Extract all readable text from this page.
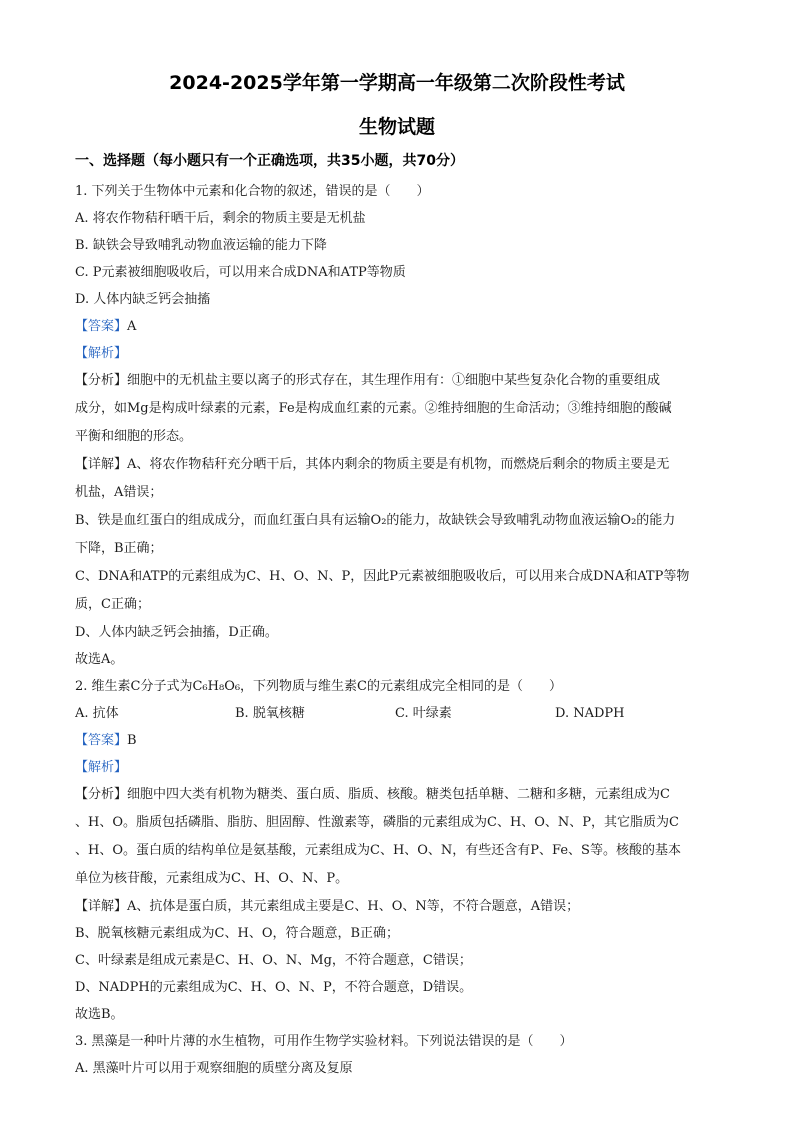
2024-2025学年第一学期高一年级第二次阶段性考试
生物试题
一、选择题（每小题只有一个正确选项，共35小题，共70分）
1. 下列关于生物体中元素和化合物的叙述，错误的是（　　）
A. 将农作物秸秆晒干后，剩余的物质主要是无机盐
B. 缺铁会导致哺乳动物血液运输的能力下降
C. P元素被细胞吸收后，可以用来合成DNA和ATP等物质
D. 人体内缺乏钙会抽搐
【答案】A
【解析】
【分析】细胞中的无机盐主要以离子的形式存在，其生理作用有：①细胞中某些复杂化合物的重要组成
成分，如Mg是构成叶绿素的元素，Fe是构成血红素的元素。②维持细胞的生命活动；③维持细胞的酸碱
平衡和细胞的形态。
【详解】A、将农作物秸秆充分晒干后，其体内剩余的物质主要是有机物，而燃烧后剩余的物质主要是无
机盐，A错误；
B、铁是血红蛋白的组成成分，而血红蛋白具有运输O₂的能力，故缺铁会导致哺乳动物血液运输O₂的能力
下降，B正确；
C、DNA和ATP的元素组成为C、H、O、N、P，因此P元素被细胞吸收后，可以用来合成DNA和ATP等物
质，C正确；
D、人体内缺乏钙会抽搐，D正确。
故选A。
2. 维生素C分子式为C₆H₈O₆，下列物质与维生素C的元素组成完全相同的是（　　）
A. 抗体	B. 脱氧核糖	C. 叶绿素	D. NADPH
【答案】B
【解析】
【分析】细胞中四大类有机物为糖类、蛋白质、脂质、核酸。糖类包括单糖、二糖和多糖，元素组成为C
、H、O。脂质包括磷脂、脂肪、胆固醇、性激素等，磷脂的元素组成为C、H、O、N、P，其它脂质为C
、H、O。蛋白质的结构单位是氨基酸，元素组成为C、H、O、N，有些还含有P、Fe、S等。核酸的基本
单位为核苷酸，元素组成为C、H、O、N、P。
【详解】A、抗体是蛋白质，其元素组成主要是C、H、O、N等，不符合题意，A错误；
B、脱氧核糖元素组成为C、H、O，符合题意，B正确；
C、叶绿素是组成元素是C、H、O、N、Mg，不符合题意，C错误；
D、NADPH的元素组成为C、H、O、N、P，不符合题意，D错误。
故选B。
3. 黑藻是一种叶片薄的水生植物，可用作生物学实验材料。下列说法错误的是（　　）
A. 黑藻叶片可以用于观察细胞的质壁分离及复原
